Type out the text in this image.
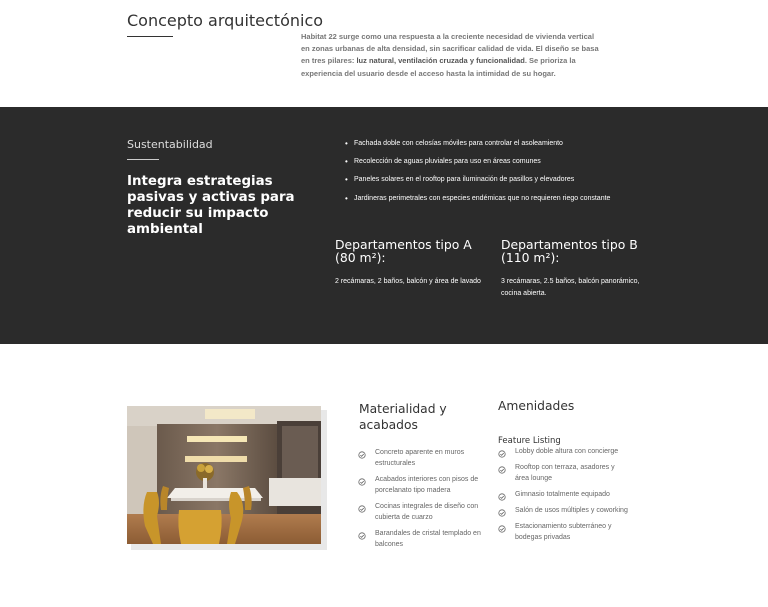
Concepto arquitectónico

Habitat 22 surge como una respuesta a la creciente necesidad de vivienda vertical en zonas urbanas de alta densidad, sin sacrificar calidad de vida. El diseño se basa en tres pilares: luz natural, ventilación cruzada y funcionalidad. Se prioriza la experiencia del usuario desde el acceso hasta la intimidad de su hogar.

Sustentabilidad
Integra estrategias pasivas y activas para reducir su impacto ambiental
• Fachada doble con celosías móviles para controlar el asoleamiento
• Recolección de aguas pluviales para uso en áreas comunes
• Paneles solares en el rooftop para iluminación de pasillos y elevadores
• Jardineras perimetrales con especies endémicas que no requieren riego constante
Departamentos tipo A (80 m²):

2 recámaras, 2 baños, balcón y área de lavado

Departamentos tipo B (110 m²):

3 recámaras, 2.5 baños, balcón panorámico, cocina abierta.

Materialidad y acabados
Concreto aparente en muros estructurales
Acabados interiores con pisos de porcelanato tipo madera
Cocinas integrales de diseño con cubierta de cuarzo
Barandales de cristal templado en balcones
Amenidades
Feature Listing
Lobby doble altura con concierge
Rooftop con terraza, asadores y área lounge
Gimnasio totalmente equipado
Salón de usos múltiples y coworking
Estacionamiento subterráneo y bodegas privadas
